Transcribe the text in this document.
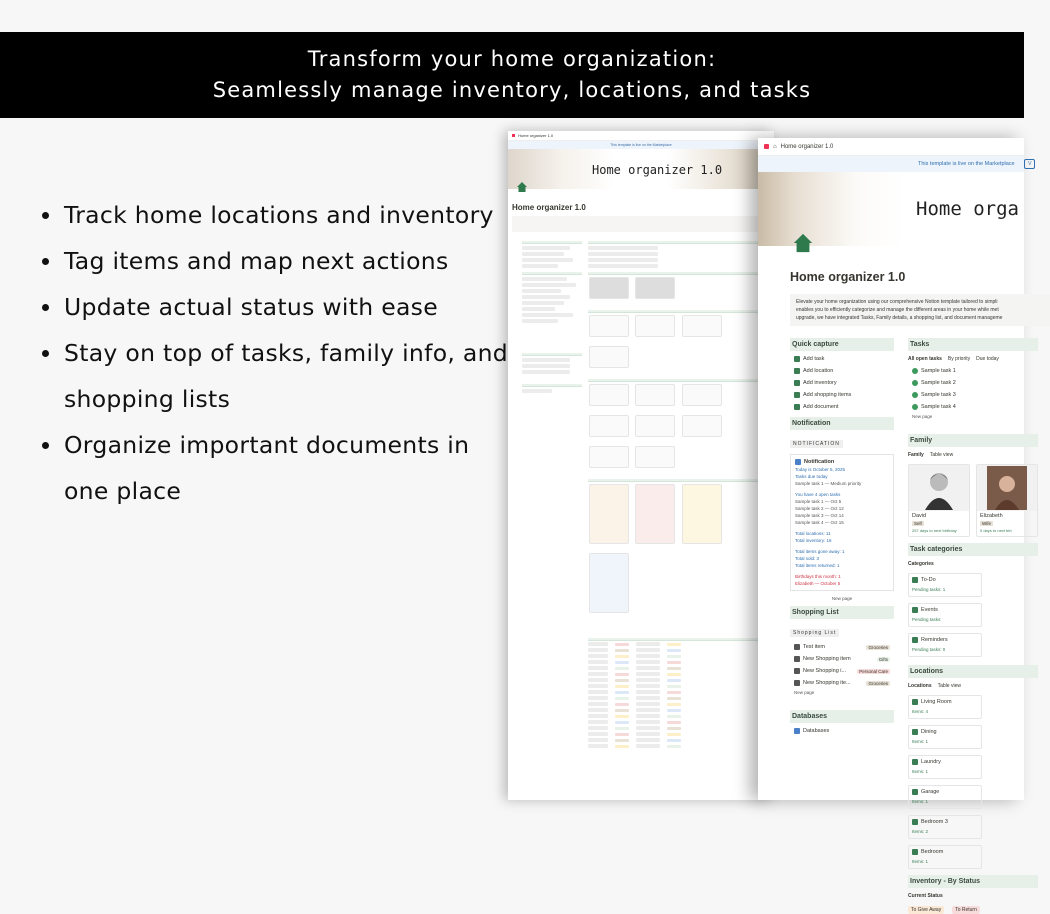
Transform your home organization:
Seamlessly manage inventory, locations, and tasks
Track home locations and inventory
Tag items and map next actions
Update actual status with ease
Stay on top of tasks, family info, and shopping lists
Organize important documents in one place
Home organizer 1.0
This template is live on the Marketplace
Home organizer 1.0
Home organizer 1.0

⌂ Home organizer 1.0
This template is live on the Marketplace	V
Home orga
Home organizer 1.0
Elevate your home organization using our comprehensive Notion template tailored to simpli
enables you to efficiently categorize and manage the different areas in your home while met
upgrade, we have integrated Tasks, Family details, a shopping list, and document manageme
Quick capture
Add task
Add location
Add inventory
Add shopping items
Add document
Notification
NOTIFICATION
Notification
Today is October 5, 2025
Tasks due today
Sample task 1 — Medium priority
You have 4 open tasks
Sample task 1 — Oct 5
Sample task 2 — Oct 12
Sample task 3 — Oct 14
Sample task 4 — Oct 15
Total locations: 11
Total inventory: 16
Total items gone away: 1
Total sold: 3
Total items returned: 1
Birthdays this month: 1
Elizabeth — October 5
New page
Shopping List
Shopping List
Test item	Groceries
New Shopping item	Gifts
New Shopping i...	Personal Care
New Shopping ite...	Groceries
New page
Databases
Databases
Tasks
All open tasks By priority Due today
Sample task 1
Sample task 2
Sample task 3
Sample task 4
New page
Family
Family Table view
David
Self
257 days to next birthday
Elizabeth
Wife
0 days to next birt
Task categories
Categories
To-Do
Pending tasks: 1
Events
Pending tasks:
Reminders
Pending tasks: 0
Locations
Locations Table view
Living Room
Items: 4
Dining
Items: 1
Laundry
Items: 1
Garage
Items: 1
Bedroom 3
Items: 2
Bedroom
Items: 1
Inventory - By Status
Current Status
To Give Away	To Return
